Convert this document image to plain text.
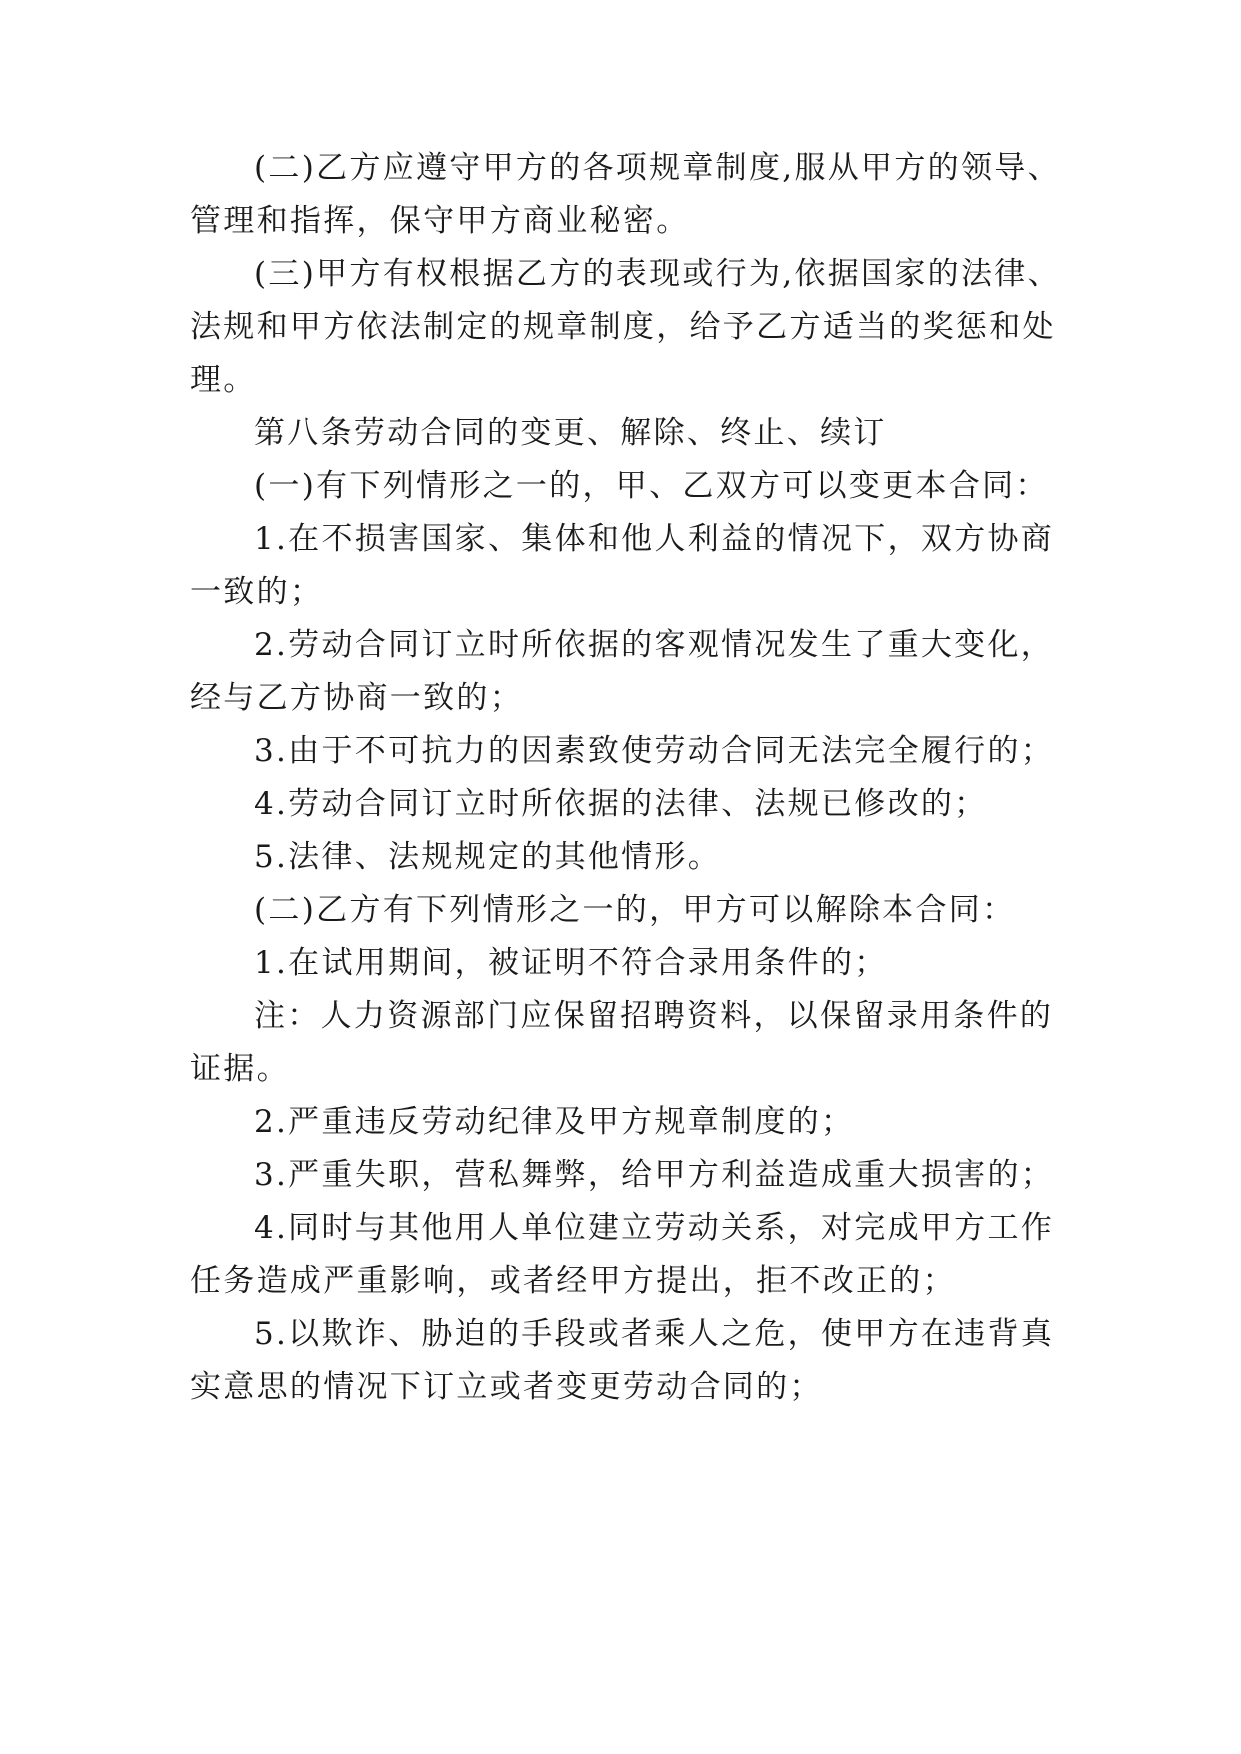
(二)乙方应遵守甲方的各项规章制度,服从甲方的领导、
管理和指挥，保守甲方商业秘密。
(三)甲方有权根据乙方的表现或行为,依据国家的法律、
法规和甲方依法制定的规章制度，给予乙方适当的奖惩和处
理。
第八条劳动合同的变更、解除、终止、续订
(一)有下列情形之一的，甲、乙双方可以变更本合同：
1.在不损害国家、集体和他人利益的情况下，双方协商
一致的；
2.劳动合同订立时所依据的客观情况发生了重大变化，
经与乙方协商一致的；
3.由于不可抗力的因素致使劳动合同无法完全履行的；
4.劳动合同订立时所依据的法律、法规已修改的；
5.法律、法规规定的其他情形。
(二)乙方有下列情形之一的，甲方可以解除本合同：
1.在试用期间，被证明不符合录用条件的；
注：人力资源部门应保留招聘资料，以保留录用条件的
证据。
2.严重违反劳动纪律及甲方规章制度的；
3.严重失职，营私舞弊，给甲方利益造成重大损害的；
4.同时与其他用人单位建立劳动关系，对完成甲方工作
任务造成严重影响，或者经甲方提出，拒不改正的；
5.以欺诈、胁迫的手段或者乘人之危，使甲方在违背真
实意思的情况下订立或者变更劳动合同的；
